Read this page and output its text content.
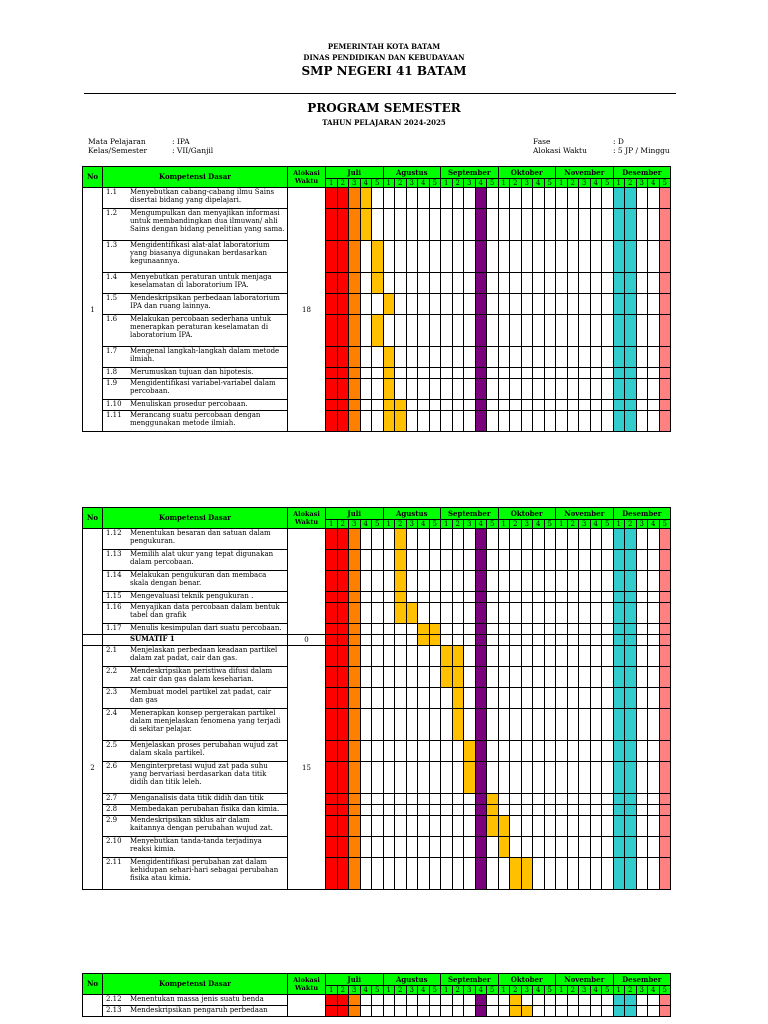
PEMERINTAH KOTA BATAM
DINAS PENDIDIKAN DAN KEBUDAYAAN
SMP NEGERI 41 BATAM
PROGRAM SEMESTER
TAHUN PELAJARAN 2024-2025
Mata Pelajaran	: IPA
Kelas/Semester	: VII/Ganjil
Fase	: D
Alokasi Waktu	: 5 JP / Minggu
No	Kompetensi Dasar	Alokasi
Waktu	Juli					Agustus					September					Oktober					November					Desember				
			1	2	3	4	5	1	2	3	4	5	1	2	3	4	5	1	2	3	4	5	1	2	3	4	5	1	2	3	4	5
1	1.1 Menyebutkan cabang-cabang ilmu Sains disertai bidang yang dipelajari.	18																														

	1.2 Mengumpulkan dan menyajikan informasi untuk membandingkan dua ilmuwan/ ahli Sains dengan bidang penelitian yang sama.																															

	1.3 Mengidentifikasi alat-alat laboratorium yang biasanya digunakan berdasarkan kegunaannya.																															

	1.4 Menyebutkan peraturan untuk menjaga keselamatan di laboratorium IPA.																															

	1.5 Mendeskripsikan perbedaan laboratorium IPA dan ruang lainnya.																															

	1.6 Melakukan percobaan sederhana untuk menerapkan peraturan keselamatan di laboratorium IPA.																															

	1.7 Mengenal langkah-langkah dalam metode ilmiah.																															

	1.8 Merumuskan tujuan dan hipotesis.																															

	1.9 Mengidentifikasi variabel-variabel dalam percobaan.																															

	1.10 Menuliskan prosedur percobaan.																															

	1.11 Merancang suatu percobaan dengan menggunakan metode ilmiah.																															

No	Kompetensi Dasar	Alokasi
Waktu	Juli					Agustus					September					Oktober					November					Desember				
			1	2	3	4	5	1	2	3	4	5	1	2	3	4	5	1	2	3	4	5	1	2	3	4	5	1	2	3	4	5

	1.12 Menentukan besaran dan satuan dalam pengukuran.																															

	1.13 Memilih alat ukur yang tepat digunakan dalam percobaan.																															

	1.14 Melakukan pengukuran dan membaca skala dengan benar.																															

	1.15 Mengevaluasi teknik pengukuran .																															

	1.16 Menyajikan data percobaan dalam bentuk tabel dan grafik																															

	1.17 Menulis kesimpulan dari suatu percobaan.																															

	SUMATIF 1	0																														
2	2.1 Menjelaskan perbedaan keadaan partikel dalam zat padat, cair dan gas.	15																														

	2.2 Mendeskripsikan peristiwa difusi dalam zat cair dan gas dalam keseharian.																															

	2.3 Membuat model partikel zat padat, cair dan gas																															

	2.4 Menerapkan konsep pergerakan partikel dalam menjelaskan fenomena yang terjadi di sekitar pelajar.																															

	2.5 Menjelaskan proses perubahan wujud zat dalam skala partikel.																															

	2.6 Menginterpretasi wujud zat pada suhu yang bervariasi berdasarkan data titik didih dan titik leleh.																															

	2.7 Menganalisis data titik didih dan titik																															

	2.8 Membedakan perubahan fisika dan kimia.																															

	2.9 Mendeskripsikan siklus air dalam kaitannya dengan perubahan wujud zat.																															

	2.10 Menyebutkan tanda-tanda terjadinya reaksi kimia.																															

	2.11 Mengidentifikasi perubahan zat dalam kehidupan sehari-hari sebagai perubahan fisika atau kimia.																															

No	Kompetensi Dasar	Alokasi
Waktu	Juli					Agustus					September					Oktober					November					Desember				
			1	2	3	4	5	1	2	3	4	5	1	2	3	4	5	1	2	3	4	5	1	2	3	4	5	1	2	3	4	5

	2.12 Menentukan massa jenis suatu benda																															

	2.13 Mendeskripsikan pengaruh perbedaan																															
